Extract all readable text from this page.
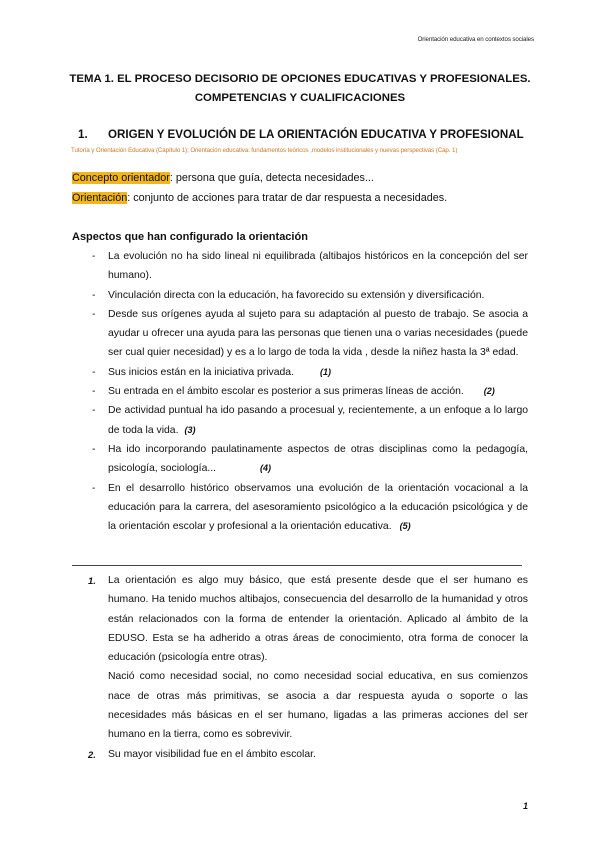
Orientación educativa en contextos sociales
TEMA 1. EL PROCESO DECISORIO DE OPCIONES EDUCATIVAS Y PROFESIONALES.
COMPETENCIAS Y CUALIFICACIONES
1. ORIGEN Y EVOLUCIÓN DE LA ORIENTACIÓN EDUCATIVA Y PROFESIONAL
Tutoría y Orientación Educativa (Capítulo 1); Orientación educativa: fundamentos teóricos ,modelos institucionales y nuevas perspectivas (Cap. 1)
Concepto orientador: persona que guía, detecta necesidades...
Orientación: conjunto de acciones para tratar de dar respuesta a necesidades.
Aspectos que han configurado la orientación
- La evolución no ha sido lineal ni equilibrada (altibajos históricos en la concepción del ser humano).
- Vinculación directa con la educación, ha favorecido su extensión y diversificación.
- Desde sus orígenes ayuda al sujeto para su adaptación al puesto de trabajo. Se asocia a ayudar u ofrecer una ayuda para las personas que tienen una o varias necesidades (puede ser cual quier necesidad) y es a lo largo de toda la vida , desde la niñez hasta la 3ª edad.
- Sus inicios están en la iniciativa privada.	(1)
- Su entrada en el ámbito escolar es posterior a sus primeras líneas de acción. (2)
- De actividad puntual ha ido pasando a procesual y, recientemente, a un enfoque a lo largo de toda la vida. (3)
- Ha ido incorporando paulatinamente aspectos de otras disciplinas como la pedagogía, psicología, sociología...	(4)
- En el desarrollo histórico observamos una evolución de la orientación vocacional a la educación para la carrera, del asesoramiento psicológico a la educación psicológica y de la orientación escolar y profesional a la orientación educativa. (5)
1. La orientación es algo muy básico, que está presente desde que el ser humano es humano. Ha tenido muchos altibajos, consecuencia del desarrollo de la humanidad y otros están relacionados con la forma de entender la orientación. Aplicado al ámbito de la EDUSO. Esta se ha adherido a otras áreas de conocimiento, otra forma de conocer la educación (psicología entre otras).

Nació como necesidad social, no como necesidad social educativa, en sus comienzos nace de otras más primitivas, se asocia a dar respuesta ayuda o soporte o las necesidades más básicas en el ser humano, ligadas a las primeras acciones del ser humano en la tierra, como es sobrevivir.

2. Su mayor visibilidad fue en el ámbito escolar.

1
